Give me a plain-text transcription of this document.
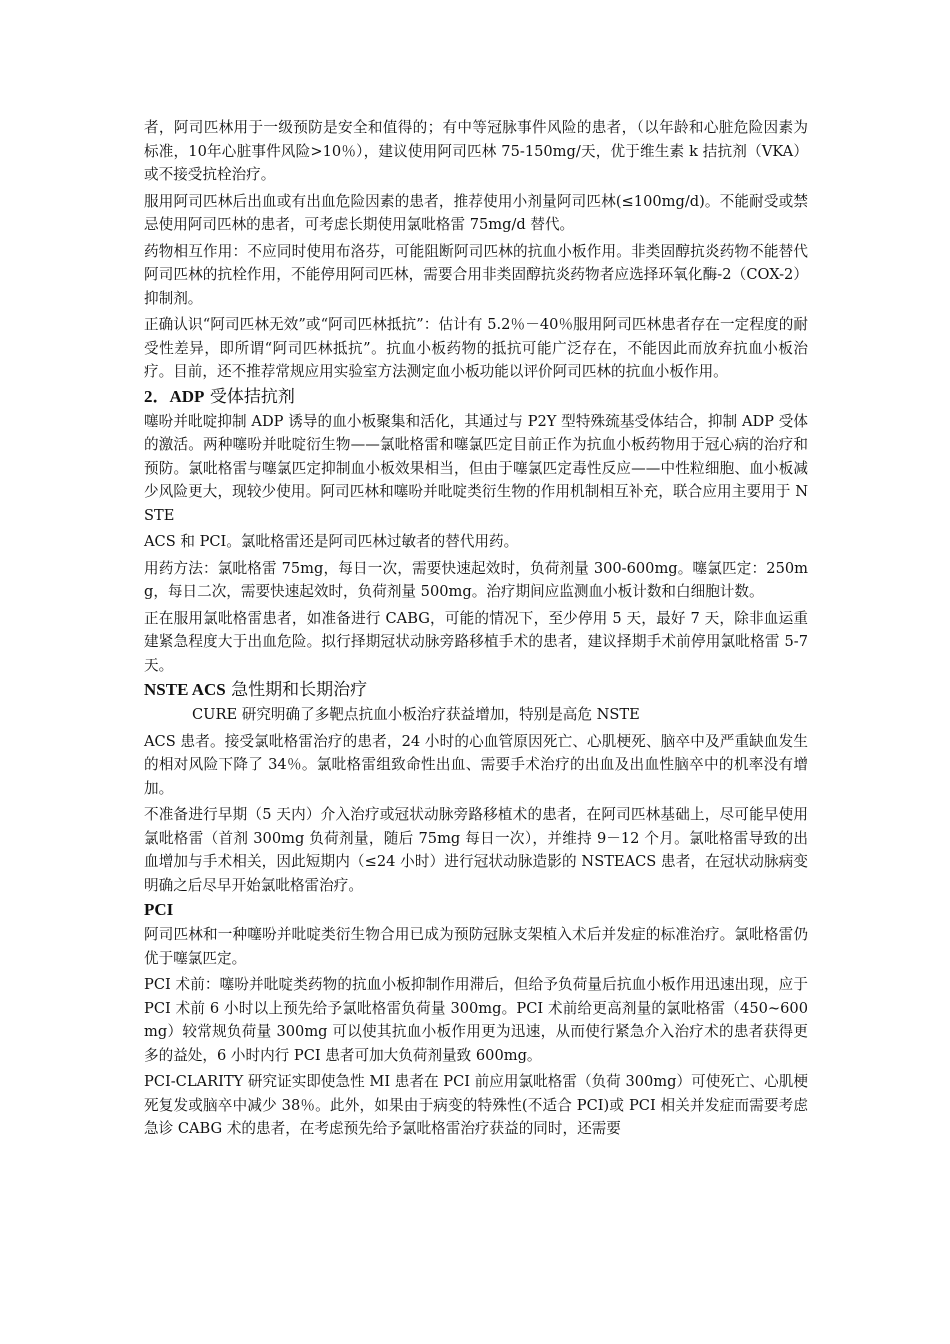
者，阿司匹林用于一级预防是安全和值得的；有中等冠脉事件风险的患者，（以年龄和心脏危险因素为标准，10年心脏事件风险>10％），建议使用阿司匹林 75-150mg/天，优于维生素 k 拮抗剂（VKA）或不接受抗栓治疗。

服用阿司匹林后出血或有出血危险因素的患者，推荐使用小剂量阿司匹林(≤100mg/d)。不能耐受或禁忌使用阿司匹林的患者，可考虑长期使用氯吡格雷 75mg/d 替代。

药物相互作用：不应同时使用布洛芬，可能阻断阿司匹林的抗血小板作用。非类固醇抗炎药物不能替代阿司匹林的抗栓作用，不能停用阿司匹林，需要合用非类固醇抗炎药物者应选择环氧化酶-2（COX-2）抑制剂。

正确认识“阿司匹林无效”或“阿司匹林抵抗”：估计有 5.2％－40％服用阿司匹林患者存在一定程度的耐受性差异，即所谓“阿司匹林抵抗”。抗血小板药物的抵抗可能广泛存在，不能因此而放弃抗血小板治疗。目前，还不推荐常规应用实验室方法测定血小板功能以评价阿司匹林的抗血小板作用。

2．ADP 受体拮抗剂

噻吩并吡啶抑制 ADP 诱导的血小板聚集和活化，其通过与 P2Y 型特殊巯基受体结合，抑制 ADP 受体的激活。两种噻吩并吡啶衍生物——氯吡格雷和噻氯匹定目前正作为抗血小板药物用于冠心病的治疗和预防。氯吡格雷与噻氯匹定抑制血小板效果相当，但由于噻氯匹定毒性反应——中性粒细胞、血小板减少风险更大，现较少使用。阿司匹林和噻吩并吡啶类衍生物的作用机制相互补充，联合应用主要用于 NSTE

ACS 和 PCI。氯吡格雷还是阿司匹林过敏者的替代用药。

用药方法：氯吡格雷 75mg，每日一次，需要快速起效时，负荷剂量 300-600mg。噻氯匹定：250mg，每日二次，需要快速起效时，负荷剂量 500mg。治疗期间应监测血小板计数和白细胞计数。

正在服用氯吡格雷患者，如准备进行 CABG，可能的情况下，至少停用 5 天，最好 7 天，除非血运重建紧急程度大于出血危险。拟行择期冠状动脉旁路移植手术的患者，建议择期手术前停用氯吡格雷 5-7 天。

NSTE ACS 急性期和长期治疗

CURE 研究明确了多靶点抗血小板治疗获益增加，特别是高危 NSTE

ACS 患者。接受氯吡格雷治疗的患者，24 小时的心血管原因死亡、心肌梗死、脑卒中及严重缺血发生的相对风险下降了 34％。氯吡格雷组致命性出血、需要手术治疗的出血及出血性脑卒中的机率没有增加。

不准备进行早期（5 天内）介入治疗或冠状动脉旁路移植术的患者，在阿司匹林基础上，尽可能早使用氯吡格雷（首剂 300mg 负荷剂量，随后 75mg 每日一次），并维持 9－12 个月。氯吡格雷导致的出血增加与手术相关，因此短期内（≤24 小时）进行冠状动脉造影的 NSTEACS 患者，在冠状动脉病变明确之后尽早开始氯吡格雷治疗。

PCI

阿司匹林和一种噻吩并吡啶类衍生物合用已成为预防冠脉支架植入术后并发症的标准治疗。氯吡格雷仍优于噻氯匹定。

PCI 术前：噻吩并吡啶类药物的抗血小板抑制作用滞后，但给予负荷量后抗血小板作用迅速出现，应于 PCI 术前 6 小时以上预先给予氯吡格雷负荷量 300mg。PCI 术前给更高剂量的氯吡格雷（450~600mg）较常规负荷量 300mg 可以使其抗血小板作用更为迅速，从而使行紧急介入治疗术的患者获得更多的益处，6 小时内行 PCI 患者可加大负荷剂量致 600mg。

PCI-CLARITY 研究证实即使急性 MI 患者在 PCI 前应用氯吡格雷（负荷 300mg）可使死亡、心肌梗死复发或脑卒中减少 38％。此外，如果由于病变的特殊性(不适合 PCI)或 PCI 相关并发症而需要考虑急诊 CABG 术的患者，在考虑预先给予氯吡格雷治疗获益的同时，还需要
